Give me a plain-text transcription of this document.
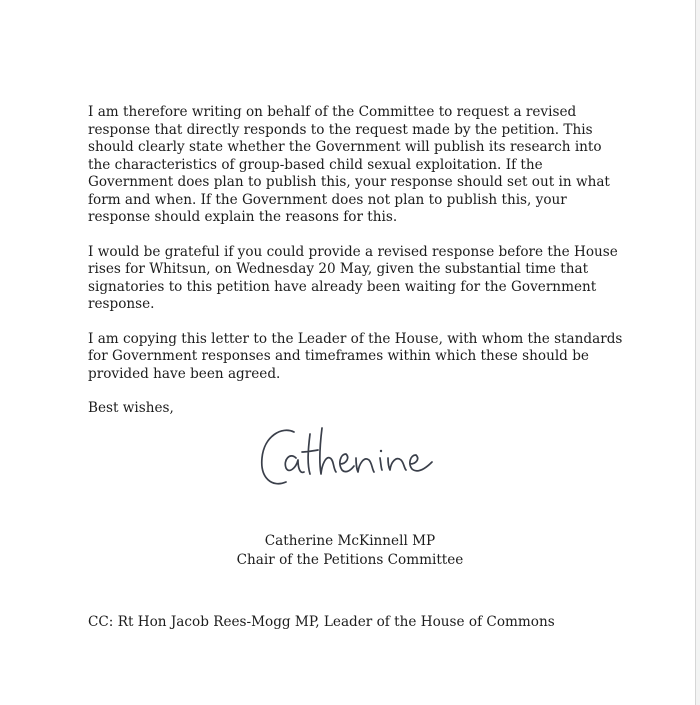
I am therefore writing on behalf of the Committee to request a revised response that directly responds to the request made by the petition. This should clearly state whether the Government will publish its research into the characteristics of group-based child sexual exploitation. If the Government does plan to publish this, your response should set out in what form and when. If the Government does not plan to publish this, your response should explain the reasons for this.

I would be grateful if you could provide a revised response before the House rises for Whitsun, on Wednesday 20 May, given the substantial time that signatories to this petition have already been waiting for the Government response.

I am copying this letter to the Leader of the House, with whom the standards for Government responses and timeframes within which these should be provided have been agreed.

Best wishes,

Catherine McKinnell MP
Chair of the Petitions Committee
CC: Rt Hon Jacob Rees-Mogg MP, Leader of the House of Commons
